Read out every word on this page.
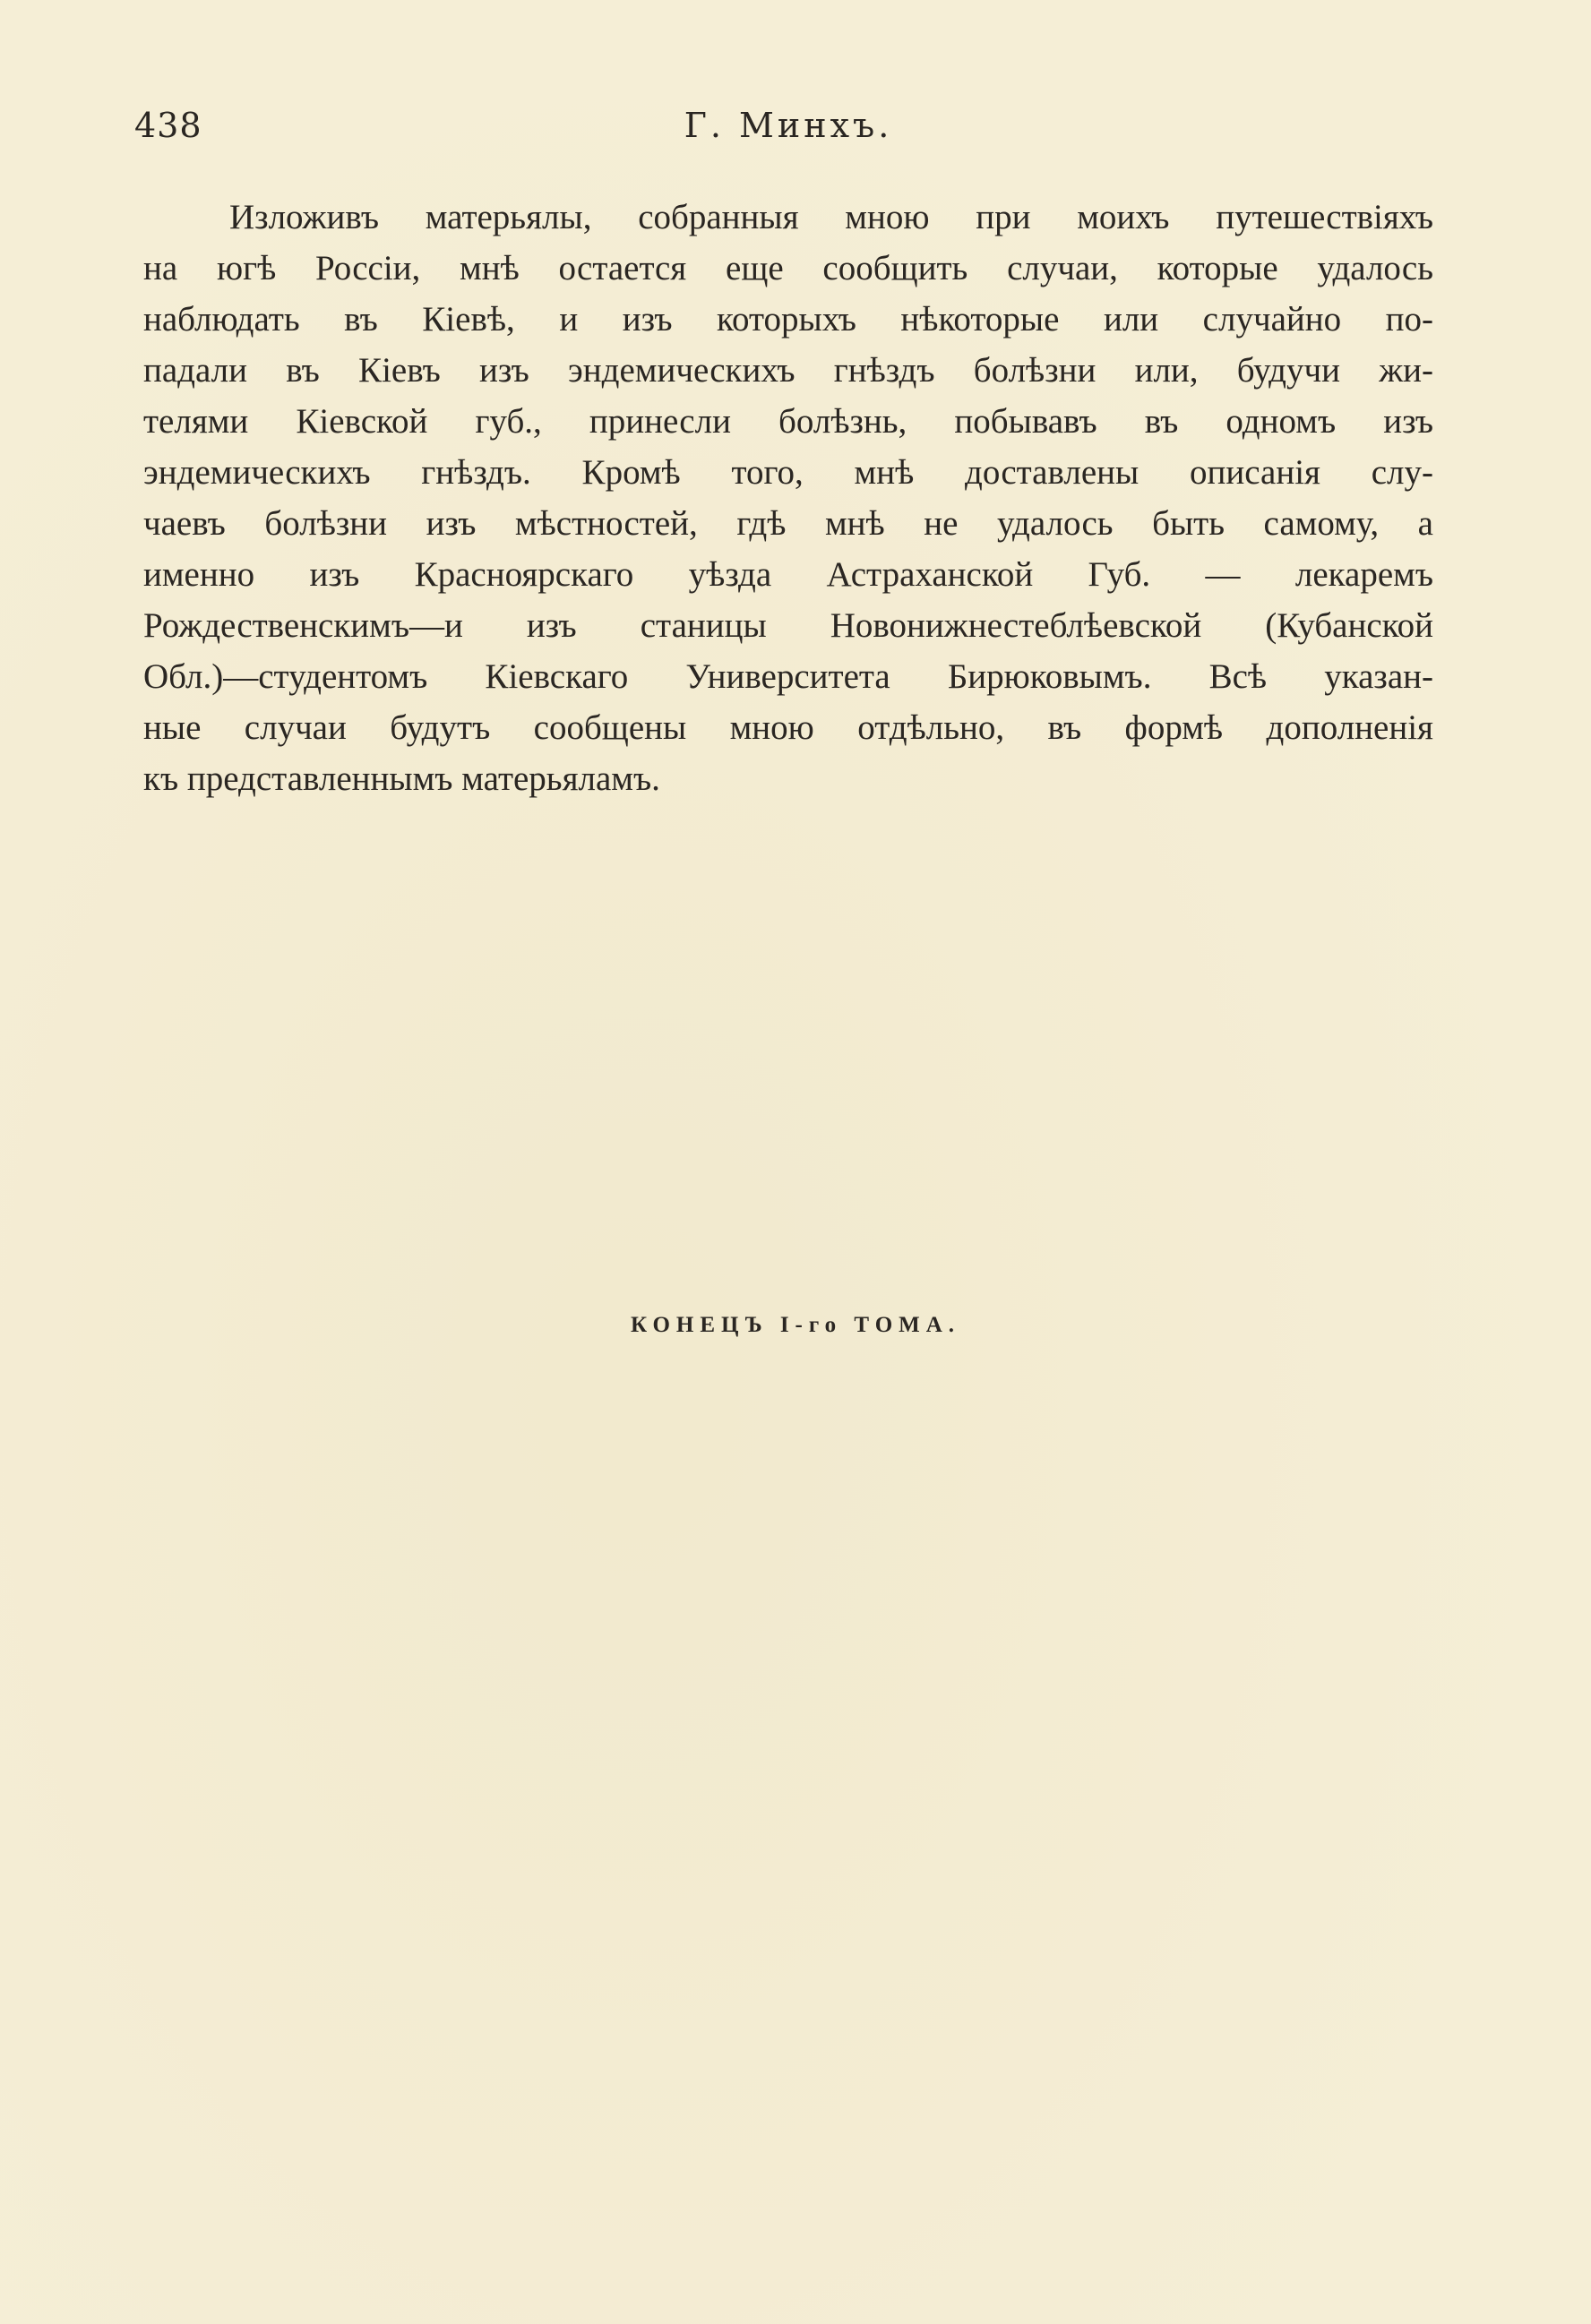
438	Г. Минхъ.
Изложивъ матерьялы, собранныя мною при моихъ путешествіяхъ
на югѣ Россіи, мнѣ остается еще сообщить случаи, которые удалось
наблюдать въ Кіевѣ, и изъ которыхъ нѣкоторые или случайно по-
падали въ Кіевъ изъ эндемическихъ гнѣздъ болѣзни или, будучи жи-
телями Кіевской губ., принесли болѣзнь, побывавъ въ одномъ изъ
эндемическихъ гнѣздъ. Кромѣ того, мнѣ доставлены описанія слу-
чаевъ болѣзни изъ мѣстностей, гдѣ мнѣ не удалось быть самому, а
именно изъ Красноярскаго уѣзда Астраханской Губ. — лекаремъ
Рождественскимъ—и изъ станицы Новонижнестеблѣевской (Кубанской
Обл.)—студентомъ Кіевскаго Университета Бирюковымъ. Всѣ указан-
ные случаи будутъ сообщены мною отдѣльно, въ формѣ дополненія
къ представленнымъ матерьяламъ.
КОНЕЦЪ I-го ТОМА.
